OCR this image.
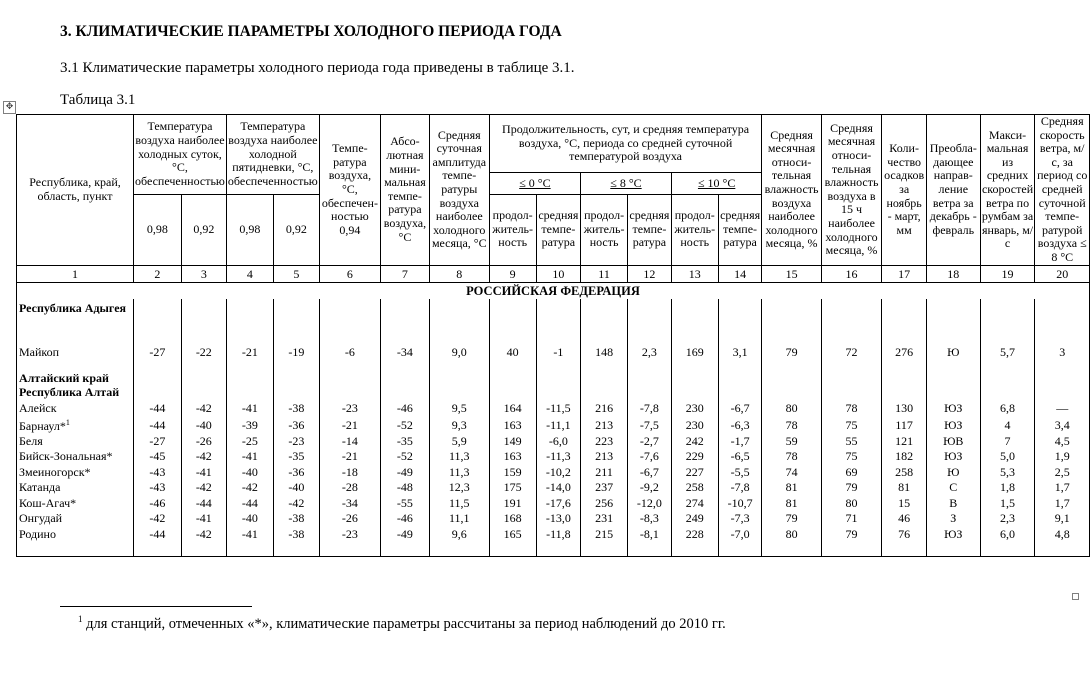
3. КЛИМАТИЧЕСКИЕ ПАРАМЕТРЫ ХОЛОДНОГО ПЕРИОДА ГОДА
3.1 Климатические параметры холодного периода года приведены в таблице 3.1.
Таблица 3.1
✥
Республика, край, область, пункт	Температура воздуха наиболее холодных суток, °С, обеспеченностью		Температура воздуха наиболее холодной пятидневки, °С, обеспеченностью		Темпе-ратура воздуха, °С, обеспечен-ностью 0,94	Абсо-лютная мини-мальная темпе-ратура воздуха, °С	Средняя суточная амплитуда темпе-ратуры воздуха наиболее холодного месяца, °С	Продолжительность, сут, и средняя температура воздуха, °С, периода со средней суточной температурой воздуха						Средняя месячная относи-тельная влажность воздуха наиболее холодного месяца, %	Средняя месячная относи-тельная влажность воздуха в 15 ч наиболее холодного месяца, %	Коли-чество осадков за ноябрь - март, мм	Преобла-дающее направ-ление ветра за декабрь - февраль	Макси-мальная из средних скоростей ветра по румбам за январь, м/с	Средняя скорость ветра, м/с, за период со средней суточной темпе-ратурой воздуха ≤ 8 °С
								≤ 0 °С		≤ 8 °С		≤ 10 °С							
	0,98	0,92	0,98	0,92				продол-житель-ность	средняя темпе-ратура	продол-житель-ность	средняя темпе-ратура	продол-житель-ность	средняя темпе-ратура						
1	2	3	4	5	6	7	8	9	10	11	12	13	14	15	16	17	18	19	20
РОССИЙСКАЯ ФЕДЕРАЦИЯ																			

Республика Адыгея																			
Майкоп	-27	-22	-21	-19	-6	-34	9,0	40	-1	148	2,3	169	3,1	79	72	276	Ю	5,7	3

Алтайский край Республика Алтай																			
Алейск	-44	-42	-41	-38	-23	-46	9,5	164	-11,5	216	-7,8	230	-6,7	80	78	130	ЮЗ	6,8	—
Барнаул*$^1$	-44	-40	-39	-36	-21	-52	9,3	163	-11,1	213	-7,5	230	-6,3	78	75	117	ЮЗ	4	3,4
Беля	-27	-26	-25	-23	-14	-35	5,9	149	-6,0	223	-2,7	242	-1,7	59	55	121	ЮВ	7	4,5
Бийск-Зональная*	-45	-42	-41	-35	-21	-52	11,3	163	-11,3	213	-7,6	229	-6,5	78	75	182	ЮЗ	5,0	1,9
Змеиногорск*	-43	-41	-40	-36	-18	-49	11,3	159	-10,2	211	-6,7	227	-5,5	74	69	258	Ю	5,3	2,5
Катанда	-43	-42	-42	-40	-28	-48	12,3	175	-14,0	237	-9,2	258	-7,8	81	79	81	С	1,8	1,7
Кош-Агач*	-46	-44	-44	-42	-34	-55	11,5	191	-17,6	256	-12,0	274	-10,7	81	80	15	В	1,5	1,7
Онгудай	-42	-41	-40	-38	-26	-46	11,1	168	-13,0	231	-8,3	249	-7,3	79	71	46	З	2,3	9,1
Родино	-44	-42	-41	-38	-23	-49	9,6	165	-11,8	215	-8,1	228	-7,0	80	79	76	ЮЗ	6,0	4,8

$^1$ для станций, отмеченных «*», климатические параметры рассчитаны за период наблюдений до 2010 гг.
